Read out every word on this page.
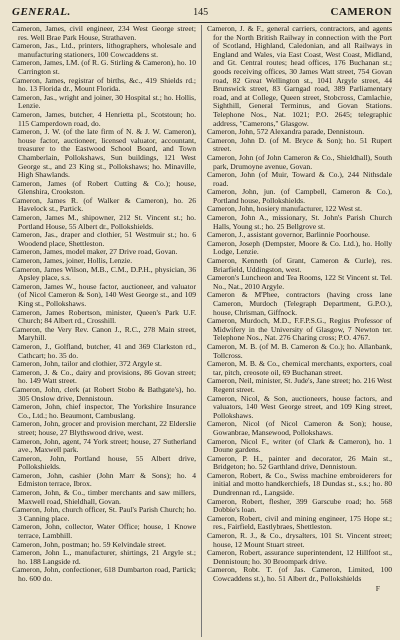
GENERAL.	145	CAMERON

Cameron, James, civil engineer, 234 West George street; res. Well Brae Park House, Strathaven.

Cameron, Jas., Ltd., printers, lithographers, wholesale and manufacturing stationers, 100 Cowcaddens st.

Cameron, James, LM. (of R. G. Stirling & Cameron), ho. 10 Carrington st.

Cameron, James, registrar of births, &c., 419 Shields rd.; ho. 13 Florida dr., Mount Florida.

Cameron, Jas., wright and joiner, 30 Hospital st.; ho. Hollis, Lenzie.

Cameron, James, butcher, 4 Henrietta pl., Scotstoun; ho. 115 Camperdown road, do.

Cameron, J. W. (of the late firm of N. & J. W. Cameron), house factor, auctioneer, licensed valuator, accountant, treasurer to the Eastwood School Board, and Town Chamberlain, Pollokshaws, Sun buildings, 121 West George st., and 23 King st., Pollokshaws; ho. Minaville, High Shawlands.

Cameron, James (of Robert Cutting & Co.); house, Glenshira, Crookston.

Cameron, James R. (of Walker & Cameron), ho. 26 Havelock st., Partick.

Cameron, James M., shipowner, 212 St. Vincent st.; ho. Portland House, 55 Albert dr., Pollokshields.

Cameron, Jas., draper and clothier, 51 Westmuir st.; ho. 6 Woodend place, Shettleston.

Cameron, James, model maker, 27 Drive road, Govan.

Cameron, James, joiner, Hollis, Lenzie.

Cameron, James Wilson, M.B., C.M., D.P.H., physician, 36 Apsley place, s.s.

Cameron, James W., house factor, auctioneer, and valuator (of Nicol Cameron & Son), 140 West George st., and 109 King st., Pollokshaws.

Cameron, James Robertson, minister, Queen's Park U.F. Church; 84 Albert rd., Crosshill.

Cameron, the Very Rev. Canon J., R.C., 278 Main street, Maryhill.

Cameron, J., Golfland, butcher, 41 and 369 Clarkston rd., Cathcart; ho. 35 do.

Cameron, John, tailor and clothier, 372 Argyle st.

Cameron, J. & Co., dairy and provisions, 86 Govan street; ho. 149 Watt street.

Cameron, John, clerk (at Robert Stobo & Bathgate's), ho. 305 Onslow drive, Dennistoun.

Cameron, John, chief inspector, The Yorkshire Insurance Co., Ltd.; ho. Beaumont, Cambuslang.

Cameron, John, grocer and provision merchant, 22 Elderslie street; house, 27 Blythswood drive, west.

Cameron, John, agent, 74 York street; house, 27 Sutherland ave., Maxwell park.

Cameron, John, Portland house, 55 Albert drive, Pollokshields.

Cameron, John, cashier (John Marr & Sons); ho. 4 Edmiston terrace, Ibrox.

Cameron, John, & Co., timber merchants and saw millers, Maxwell road, Shieldhall, Govan.

Cameron, John, church officer, St. Paul's Parish Church; ho. 3 Canning place.

Cameron, John, collector, Water Office; house, 1 Knowe terrace, Lambhill.

Cameron, John, postman; ho. 59 Kelvindale street.

Cameron, John L., manufacturer, shirtings, 21 Argyle st.; ho. 188 Langside rd.

Cameron, John, confectioner, 618 Dumbarton road, Partick; ho. 600 do.

Cameron, J. & F., general carriers, contractors, and agents for the North British Railway in connection with the Port of Scotland, Highland, Caledonian, and all Railways in England and Wales, via East Coast, West Coast, Midland, and Gt. Central routes; head offices, 176 Buchanan st.; goods receiving offices, 30 James Watt street, 754 Govan road, 82 Great Wellington st., 1041 Argyle street, 44 Brunswick street, 83 Garngad road, 389 Parliamentary road, and at College, Queen street, Stobcross, Camlachie, Sighthill, General Terminus, and Govan Stations. Telephone Nos., Nat. 1021; P.O. 2645; telegraphic address, "Camerons," Glasgow.

Cameron, John, 572 Alexandra parade, Dennistoun.

Cameron, John D. (of M. Bryce & Son); ho. 51 Rupert street.

Cameron, John (of John Cameron & Co., Shieldhall), South park, Drumoyne avenue, Govan.

Cameron, John (of Muir, Toward & Co.), 244 Nithsdale road.

Cameron, John, jun. (of Campbell, Cameron & Co.), Portland house, Pollokshields.

Cameron, John, hosiery manufacturer, 122 West st.

Cameron, John A., missionary, St. John's Parish Church Halls, Young st.; ho. 25 Bellgrove st.

Cameron, J., assistant governor, Barlinnie Poorhouse.

Cameron, Joseph (Dempster, Moore & Co. Ltd.), ho. Holly Lodge, Lenzie.

Cameron, Kenneth (of Grant, Cameron & Curle), res. Briarfield, Uddingston, west.

Cameron's Luncheon and Tea Rooms, 122 St Vincent st. Tel. No., Nat., 2010 Argyle.

Cameron & M'Phee, contractors (having cross lane Cameron, Murdoch (Telegraph Department, G.P.O.), house, Chrisman, Giffnock.

Cameron, Murdoch, M.D., F.F.P.S.G., Regius Professor of Midwifery in the University of Glasgow, 7 Newton ter. Telephone Nos., Nat. 276 Charing cross; P.O. 4767.

Cameron, M. B. (of M. B. Cameron & Co.); ho. Allanbank, Tollcross.

Cameron, M. B. & Co., chemical merchants, exporters, coal tar, pitch, creosote oil, 69 Buchanan street.

Cameron, Neil, minister, St. Jude's, Jane street; ho. 216 West Regent street.

Cameron, Nicol, & Son, auctioneers, house factors, and valuators, 140 West George street, and 109 King street, Pollokshaws.

Cameron, Nicol (of Nicol Cameron & Son); house, Gowanbrae, Mansewood, Pollokshaws.

Cameron, Nicol F., writer (of Clark & Cameron), ho. 1 Doune gardens.

Cameron, P. H., painter and decorator, 26 Main st., Bridgeton; ho. 52 Garthland drive, Dennistoun.

Cameron, Robert, & Co., Swiss machine embroiderers for initial and motto handkerchiefs, 18 Dundas st., s.s.; ho. 80 Dundrennan rd., Langside.

Cameron, Robert, flesher, 399 Garscube road; ho. 568 Dobbie's loan.

Cameron, Robert, civil and mining engineer, 175 Hope st.; res., Fairfield, Eastlybraes, Shettleston.

Cameron, R. J., & Co., drysalters, 101 St. Vincent street; house, 12 Mount Stuart street.

Cameron, Robert, assurance superintendent, 12 Hillfoot st., Dennistoun; ho. 30 Broompark drive.

Cameron, Robt. T. (of Jas. Cameron, Limited, 100 Cowcaddens st.), ho. 51 Albert dr., Pollokshields

F
